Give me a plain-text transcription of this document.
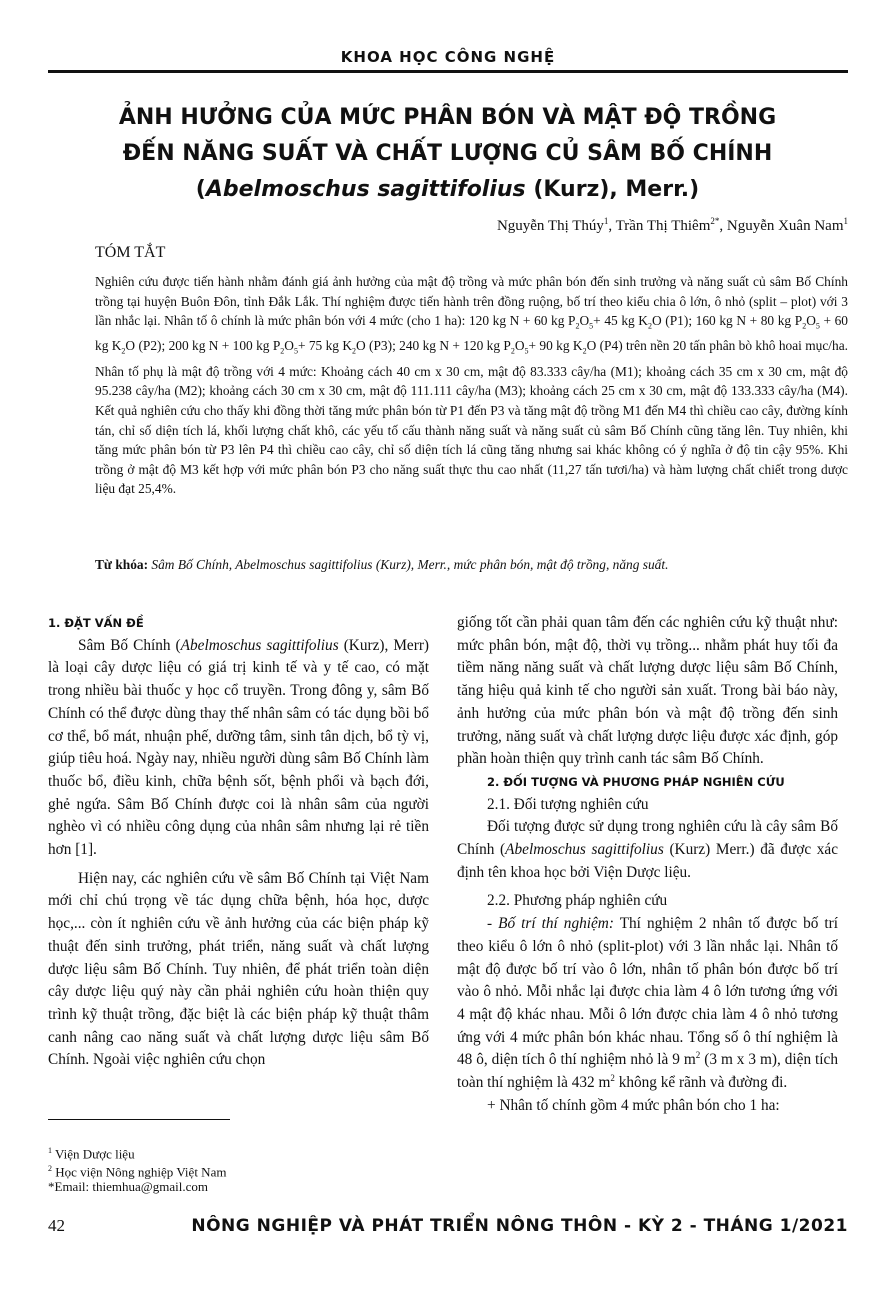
KHOA HỌC CÔNG NGHỆ
ẢNH HƯỞNG CỦA MỨC PHÂN BÓN VÀ MẬT ĐỘ TRỒNG
ĐẾN NĂNG SUẤT VÀ CHẤT LƯỢNG CỦ SÂM BỐ CHÍNH
(Abelmoschus sagittifolius (Kurz), Merr.)
Nguyễn Thị Thúy$^1$, Trần Thị Thiêm$^{2*}$, Nguyễn Xuân Nam$^1$
TÓM TẮT
Nghiên cứu được tiến hành nhằm đánh giá ảnh hưởng của mật độ trồng và mức phân bón đến sinh trưởng và năng suất củ sâm Bố Chính trồng tại huyện Buôn Đôn, tỉnh Đắk Lắk. Thí nghiệm được tiến hành trên đồng ruộng, bố trí theo kiểu chia ô lớn, ô nhỏ (split – plot) với 3 lần nhắc lại. Nhân tố ô chính là mức phân bón với 4 mức (cho 1 ha): 120 kg N + 60 kg $P_2O_5+ 45$ kg $K_2O$ (P1); 160 kg N + 80 kg $P_2O_5 + 60$ kg $K_2O$ (P2); 200 kg N + 100 kg $P_2O_5+ 75$ kg $K_2O$ (P3); 240 kg N + 120 kg $P_2O_5+ 90$ kg $K_2O$ (P4) trên nền 20 tấn phân bò khô hoai mục/ha. Nhân tố phụ là mật độ trồng với 4 mức: Khoảng cách 40 cm x 30 cm, mật độ 83.333 cây/ha (M1); khoảng cách 35 cm x 30 cm, mật độ 95.238 cây/ha (M2); khoảng cách 30 cm x 30 cm, mật độ 111.111 cây/ha (M3); khoảng cách 25 cm x 30 cm, mật độ 133.333 cây/ha (M4). Kết quả nghiên cứu cho thấy khi đồng thời tăng mức phân bón từ P1 đến P3 và tăng mật độ trồng M1 đến M4 thì chiều cao cây, đường kính tán, chỉ số diện tích lá, khối lượng chất khô, các yếu tố cấu thành năng suất và năng suất củ sâm Bố Chính cũng tăng lên. Tuy nhiên, khi tăng mức phân bón từ P3 lên P4 thì chiều cao cây, chỉ số diện tích lá cũng tăng nhưng sai khác không có ý nghĩa ở độ tin cậy 95%. Khi trồng ở mật độ M3 kết hợp với mức phân bón P3 cho năng suất thực thu cao nhất (11,27 tấn tươi/ha) và hàm lượng chất chiết trong dược liệu đạt 25,4%.
Từ khóa: Sâm Bố Chính, Abelmoschus sagittifolius (Kurz), Merr., mức phân bón, mật độ trồng, năng suất.

1. ĐẶT VẤN ĐỀ

Sâm Bố Chính (Abelmoschus sagittifolius (Kurz), Merr) là loại cây dược liệu có giá trị kinh tế và y tế cao, có mặt trong nhiều bài thuốc y học cổ truyền. Trong đông y, sâm Bố Chính có thể được dùng thay thế nhân sâm có tác dụng bồi bổ cơ thể, bổ mát, nhuận phế, dưỡng tâm, sinh tân dịch, bổ tỳ vị, giúp tiêu hoá. Ngày nay, nhiều người dùng sâm Bố Chính làm thuốc bổ, điều kinh, chữa bệnh sốt, bệnh phổi và bạch đới, ghẻ ngứa. Sâm Bố Chính được coi là nhân sâm của người nghèo vì có nhiều công dụng của nhân sâm nhưng lại rẻ tiền hơn [1].

Hiện nay, các nghiên cứu về sâm Bố Chính tại Việt Nam mới chỉ chú trọng về tác dụng chữa bệnh, hóa học, dược học,... còn ít nghiên cứu về ảnh hưởng của các biện pháp kỹ thuật đến sinh trưởng, phát triển, năng suất và chất lượng dược liệu sâm Bố Chính. Tuy nhiên, để phát triển toàn diện cây dược liệu quý này cần phải nghiên cứu hoàn thiện quy trình kỹ thuật trồng, đặc biệt là các biện pháp kỹ thuật thâm canh nâng cao năng suất và chất lượng dược liệu sâm Bố Chính. Ngoài việc nghiên cứu chọn

giống tốt cần phải quan tâm đến các nghiên cứu kỹ thuật như: mức phân bón, mật độ, thời vụ trồng... nhằm phát huy tối đa tiềm năng năng suất và chất lượng dược liệu sâm Bố Chính, tăng hiệu quả kinh tế cho người sản xuất. Trong bài báo này, ảnh hưởng của mức phân bón và mật độ trồng đến sinh trưởng, năng suất và chất lượng dược liệu được xác định, góp phần hoàn thiện quy trình canh tác sâm Bố Chính.

2. ĐỐI TƯỢNG VÀ PHƯƠNG PHÁP NGHIÊN CỨU

2.1. Đối tượng nghiên cứu

Đối tượng được sử dụng trong nghiên cứu là cây sâm Bố Chính (Abelmoschus sagittifolius (Kurz) Merr.) đã được xác định tên khoa học bởi Viện Dược liệu.

2.2. Phương pháp nghiên cứu

- Bố trí thí nghiệm: Thí nghiệm 2 nhân tố được bố trí theo kiểu ô lớn ô nhỏ (split-plot) với 3 lần nhắc lại. Nhân tố mật độ được bố trí vào ô lớn, nhân tố phân bón được bố trí vào ô nhỏ. Mỗi nhắc lại được chia làm 4 ô lớn tương ứng với 4 mật độ khác nhau. Mỗi ô lớn được chia làm 4 ô nhỏ tương ứng với 4 mức phân bón khác nhau. Tổng số ô thí nghiệm là 48 ô, diện tích ô thí nghiệm nhỏ là 9 $m^2$ (3 m x 3 m), diện tích toàn thí nghiệm là 432 $m^2$ không kể rãnh và đường đi.

+ Nhân tố chính gồm 4 mức phân bón cho 1 ha:

$^1$ Viện Dược liệu
$^2$ Học viện Nông nghiệp Việt Nam
*Email: thiemhua@gmail.com
42	NÔNG NGHIỆP VÀ PHÁT TRIỂN NÔNG THÔN - KỲ 2 - THÁNG 1/2021
